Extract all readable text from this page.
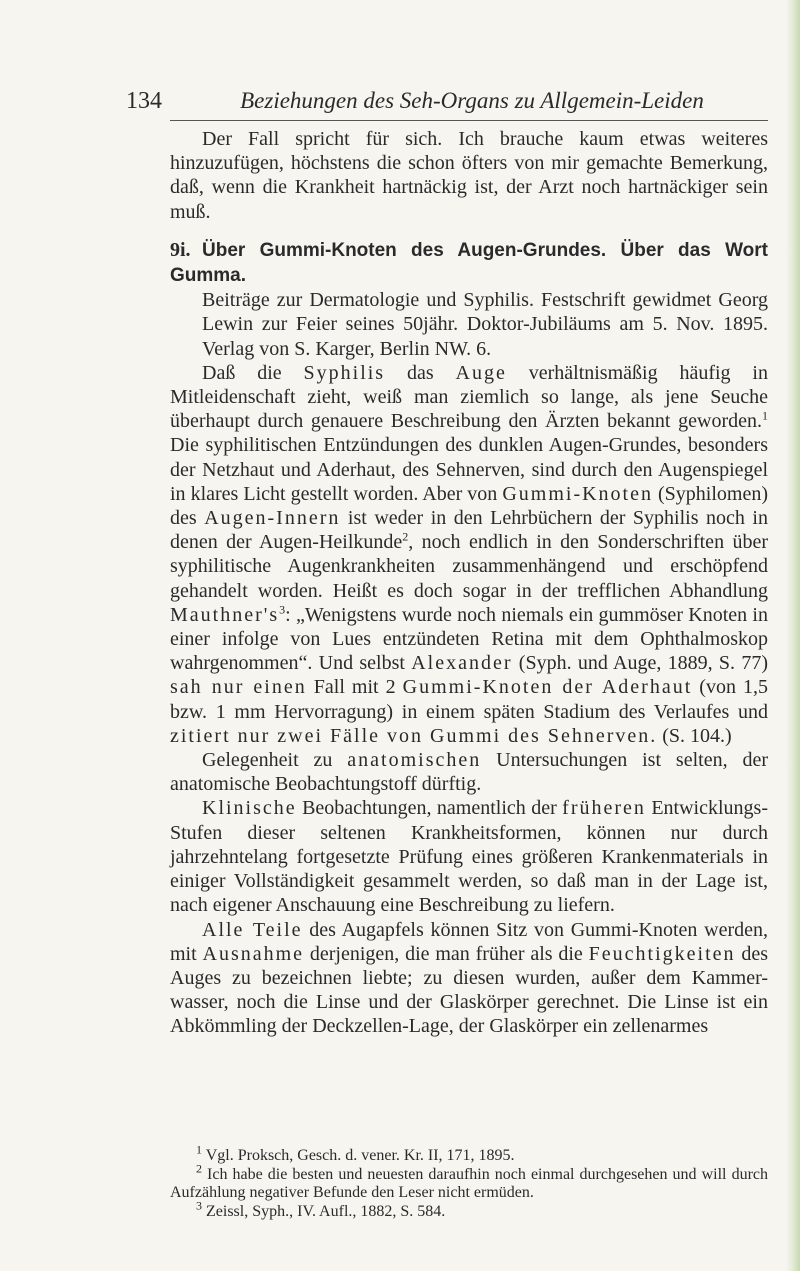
134	Beziehungen des Seh-Organs zu Allgemein-Leiden

Der Fall spricht für sich. Ich brauche kaum etwas weiteres hinzuzufügen, höchstens die schon öfters von mir gemachte Bemerkung, daß, wenn die Krankheit hartnäckig ist, der Arzt noch hartnäckiger sein muß.

9i. Über Gummi-Knoten des Augen-Grundes. Über das Wort Gumma.

Beiträge zur Dermatologie und Syphilis. Festschrift gewidmet Georg Lewin zur Feier seines 50jähr. Doktor-Jubiläums am 5. Nov. 1895. Verlag von S. Karger, Berlin NW. 6.

Daß die Syphilis das Auge verhältnismäßig häufig in Mitleidenschaft zieht, weiß man ziemlich so lange, als jene Seuche überhaupt durch genauere Beschreibung den Ärzten bekannt geworden.$^1$ Die syphilitischen Entzündungen des dunklen Augen-Grundes, besonders der Netzhaut und Aderhaut, des Sehnerven, sind durch den Augenspiegel in klares Licht gestellt worden. Aber von Gummi-Knoten (Syphilomen) des Augen-Innern ist weder in den Lehrbüchern der Syphilis noch in denen der Augen-Heilkunde$^2$, noch endlich in den Sonderschriften über syphilitische Augenkrankheiten zusammenhängend und erschöpfend gehandelt worden. Heißt es doch sogar in der trefflichen Abhandlung $Mauthner's^3$: „Wenigstens wurde noch niemals ein gummöser Knoten in einer infolge von Lues entzündeten Retina mit dem Ophthalmoskop wahrgenommen“. Und selbst Alexander (Syph. und Auge, 1889, S. 77) sah nur einen Fall mit 2 Gummi-Knoten der Aderhaut (von 1,5 bzw. 1 mm Hervorragung) in einem späten Stadium des Verlaufes und zitiert nur zwei Fälle von Gummi des Sehnerven. (S. 104.)

Gelegenheit zu anatomischen Untersuchungen ist selten, der anatomische Beobachtungstoff dürftig.

Klinische Beobachtungen, namentlich der früheren Entwicklungs-Stufen dieser seltenen Krankheitsformen, können nur durch jahrzehntelang fortgesetzte Prüfung eines größeren Krankenmaterials in einiger Vollständigkeit gesammelt werden, so daß man in der Lage ist, nach eigener Anschauung eine Beschreibung zu liefern.

Alle Teile des Augapfels können Sitz von Gummi-Knoten werden, mit Ausnahme derjenigen, die man früher als die Feuchtigkeiten des Auges zu bezeichnen liebte; zu diesen wurden, außer dem Kammer-wasser, noch die Linse und der Glaskörper gerechnet. Die Linse ist ein Abkömmling der Deckzellen-Lage, der Glaskörper ein zellenarmes

$^1$ Vgl. Proksch, Gesch. d. vener. Kr. II, 171, 1895.

$^2$ Ich habe die besten und neuesten daraufhin noch einmal durchgesehen und will durch Aufzählung negativer Befunde den Leser nicht ermüden.

$^3$ Zeissl, Syph., IV. Aufl., 1882, S. 584.
